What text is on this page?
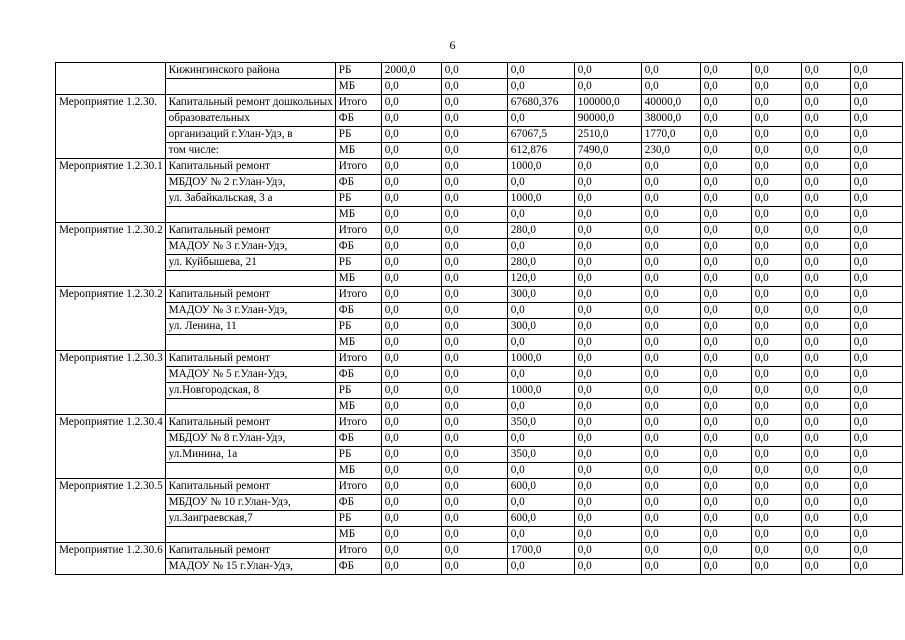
6
	Кижингинского района	РБ	2000,0	0,0	0,0	0,0	0,0	0,0	0,0	0,0	0,0
		МБ	0,0	0,0	0,0	0,0	0,0	0,0	0,0	0,0	0,0
Мероприятие 1.2.30.	Капитальный ремонт дошкольных	Итого	0,0	0,0	67680,376	100000,0	40000,0	0,0	0,0	0,0	0,0
	образовательных	ФБ	0,0	0,0	0,0	90000,0	38000,0	0,0	0,0	0,0	0,0
	организаций г.Улан-Удэ, в	РБ	0,0	0,0	67067,5	2510,0	1770,0	0,0	0,0	0,0	0,0
	том числе:	МБ	0,0	0,0	612,876	7490,0	230,0	0,0	0,0	0,0	0,0
Мероприятие 1.2.30.1	Капитальный ремонт	Итого	0,0	0,0	1000,0	0,0	0,0	0,0	0,0	0,0	0,0
	МБДОУ № 2 г.Улан-Удэ,	ФБ	0,0	0,0	0,0	0,0	0,0	0,0	0,0	0,0	0,0
	ул. Забайкальская, 3 а	РБ	0,0	0,0	1000,0	0,0	0,0	0,0	0,0	0,0	0,0
		МБ	0,0	0,0	0,0	0,0	0,0	0,0	0,0	0,0	0,0
Мероприятие 1.2.30.2	Капитальный ремонт	Итого	0,0	0,0	280,0	0,0	0,0	0,0	0,0	0,0	0,0
	МАДОУ № 3 г.Улан-Удэ,	ФБ	0,0	0,0	0,0	0,0	0,0	0,0	0,0	0,0	0,0
	ул. Куйбышева, 21	РБ	0,0	0,0	280,0	0,0	0,0	0,0	0,0	0,0	0,0
		МБ	0,0	0,0	120,0	0,0	0,0	0,0	0,0	0,0	0,0
Мероприятие 1.2.30.2	Капитальный ремонт	Итого	0,0	0,0	300,0	0,0	0,0	0,0	0,0	0,0	0,0
	МАДОУ № 3 г.Улан-Удэ,	ФБ	0,0	0,0	0,0	0,0	0,0	0,0	0,0	0,0	0,0
	ул. Ленина, 11	РБ	0,0	0,0	300,0	0,0	0,0	0,0	0,0	0,0	0,0
		МБ	0,0	0,0	0,0	0,0	0,0	0,0	0,0	0,0	0,0
Мероприятие 1.2.30.3	Капитальный ремонт	Итого	0,0	0,0	1000,0	0,0	0,0	0,0	0,0	0,0	0,0
	МАДОУ № 5 г.Улан-Удэ,	ФБ	0,0	0,0	0,0	0,0	0,0	0,0	0,0	0,0	0,0
	ул.Новгородская, 8	РБ	0,0	0,0	1000,0	0,0	0,0	0,0	0,0	0,0	0,0
		МБ	0,0	0,0	0,0	0,0	0,0	0,0	0,0	0,0	0,0
Мероприятие 1.2.30.4	Капитальный ремонт	Итого	0,0	0,0	350,0	0,0	0,0	0,0	0,0	0,0	0,0
	МБДОУ № 8 г.Улан-Удэ,	ФБ	0,0	0,0	0,0	0,0	0,0	0,0	0,0	0,0	0,0
	ул.Минина, 1а	РБ	0,0	0,0	350,0	0,0	0,0	0,0	0,0	0,0	0,0
		МБ	0,0	0,0	0,0	0,0	0,0	0,0	0,0	0,0	0,0
Мероприятие 1.2.30.5	Капитальный ремонт	Итого	0,0	0,0	600,0	0,0	0,0	0,0	0,0	0,0	0,0
	МБДОУ № 10 г.Улан-Удэ,	ФБ	0,0	0,0	0,0	0,0	0,0	0,0	0,0	0,0	0,0
	ул.Заиграевская,7	РБ	0,0	0,0	600,0	0,0	0,0	0,0	0,0	0,0	0,0
		МБ	0,0	0,0	0,0	0,0	0,0	0,0	0,0	0,0	0,0
Мероприятие 1.2.30.6	Капитальный ремонт	Итого	0,0	0,0	1700,0	0,0	0,0	0,0	0,0	0,0	0,0
	МАДОУ № 15 г.Улан-Удэ,	ФБ	0,0	0,0	0,0	0,0	0,0	0,0	0,0	0,0	0,0
